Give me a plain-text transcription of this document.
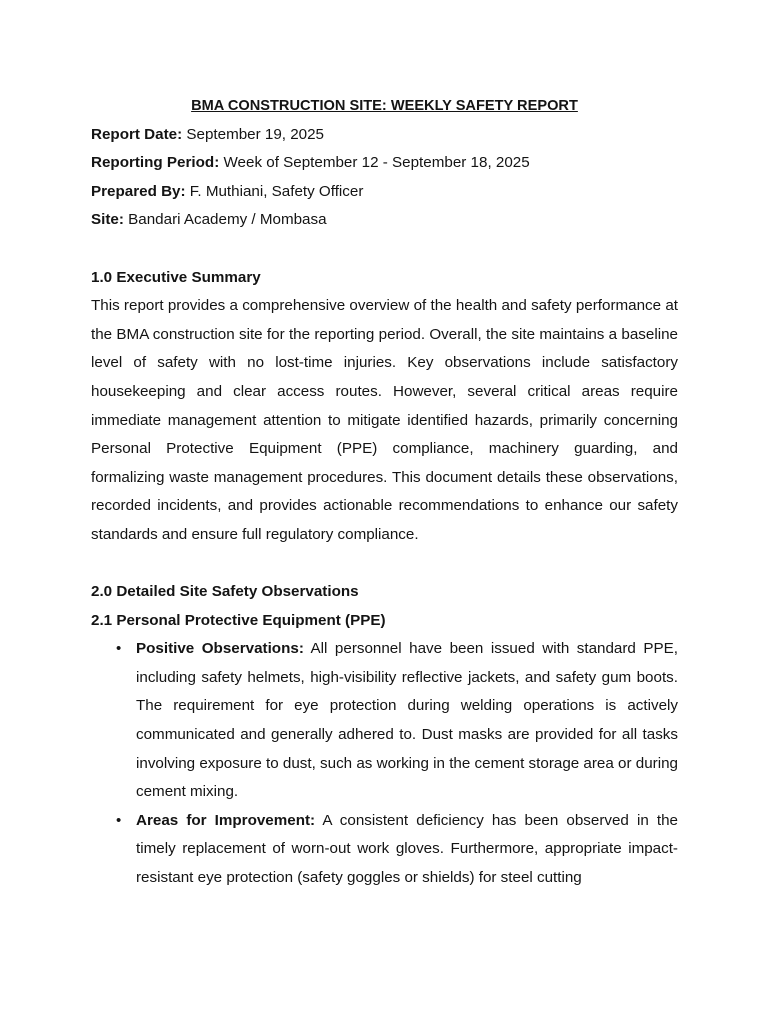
BMA CONSTRUCTION SITE: WEEKLY SAFETY REPORT

Report Date: September 19, 2025

Reporting Period: Week of September 12 - September 18, 2025

Prepared By: F. Muthiani, Safety Officer

Site: Bandari Academy / Mombasa

1.0 Executive Summary

This report provides a comprehensive overview of the health and safety performance at the BMA construction site for the reporting period. Overall, the site maintains a baseline level of safety with no lost-time injuries. Key observations include satisfactory housekeeping and clear access routes. However, several critical areas require immediate management attention to mitigate identified hazards, primarily concerning Personal Protective Equipment (PPE) compliance, machinery guarding, and formalizing waste management procedures. This document details these observations, recorded incidents, and provides actionable recommendations to enhance our safety standards and ensure full regulatory compliance.

2.0 Detailed Site Safety Observations

2.1 Personal Protective Equipment (PPE)

• Positive Observations: All personnel have been issued with standard PPE, including safety helmets, high-visibility reflective jackets, and safety gum boots. The requirement for eye protection during welding operations is actively communicated and generally adhered to. Dust masks are provided for all tasks involving exposure to dust, such as working in the cement storage area or during cement mixing.
• Areas for Improvement: A consistent deficiency has been observed in the timely replacement of worn-out work gloves. Furthermore, appropriate impact-resistant eye protection (safety goggles or shields) for steel cutting
